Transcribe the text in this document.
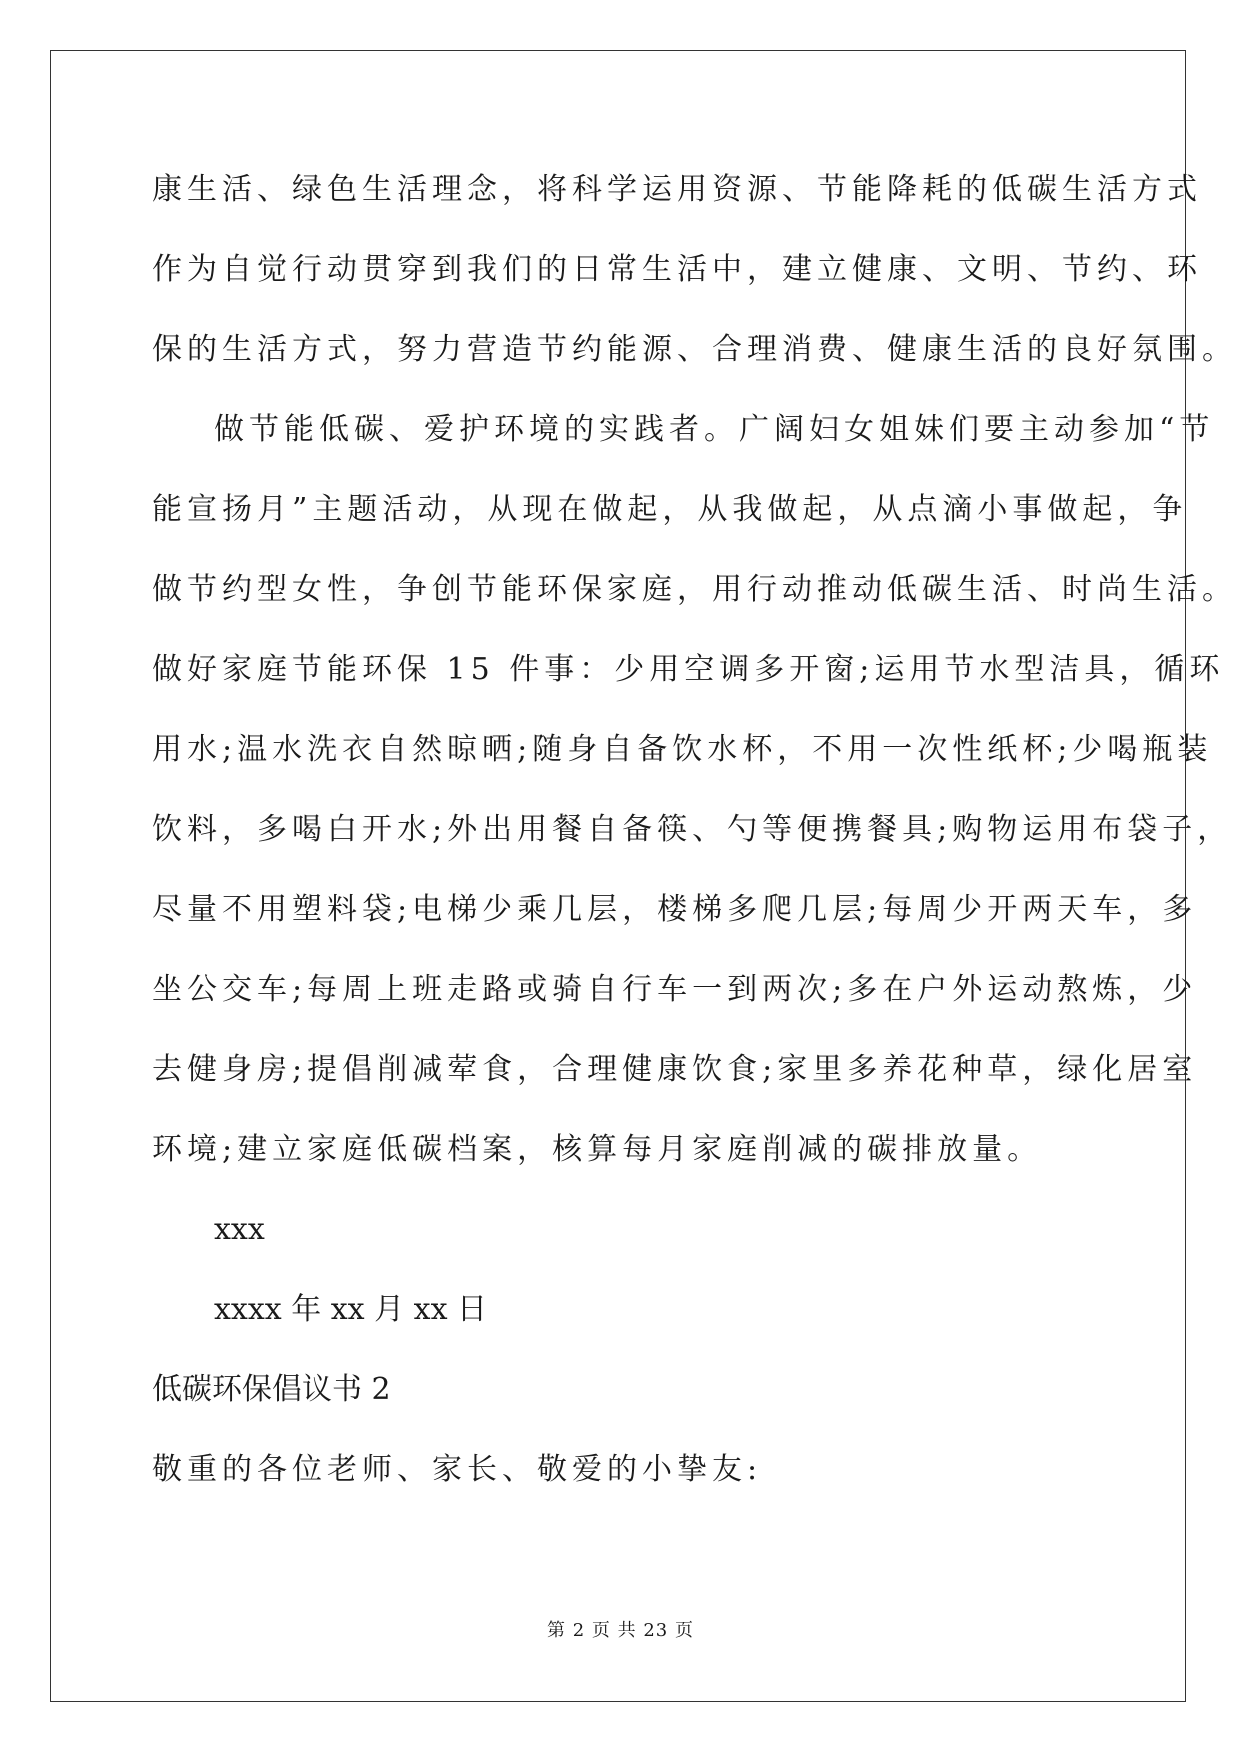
康生活、绿色生活理念，将科学运用资源、节能降耗的低碳生活方式
作为自觉行动贯穿到我们的日常生活中，建立健康、文明、节约、环
保的生活方式，努力营造节约能源、合理消费、健康生活的良好氛围。
做节能低碳、爱护环境的实践者。广阔妇女姐妹们要主动参加“节
能宣扬月”主题活动，从现在做起，从我做起，从点滴小事做起，争
做节约型女性，争创节能环保家庭，用行动推动低碳生活、时尚生活。
做好家庭节能环保 15 件事：少用空调多开窗;运用节水型洁具，循环
用水;温水洗衣自然晾晒;随身自备饮水杯，不用一次性纸杯;少喝瓶装
饮料，多喝白开水;外出用餐自备筷、勺等便携餐具;购物运用布袋子，
尽量不用塑料袋;电梯少乘几层，楼梯多爬几层;每周少开两天车，多
坐公交车;每周上班走路或骑自行车一到两次;多在户外运动熬炼，少
去健身房;提倡削减荤食，合理健康饮食;家里多养花种草，绿化居室
环境;建立家庭低碳档案，核算每月家庭削减的碳排放量。
xxx
xxxx 年 xx 月 xx 日
低碳环保倡议书 2
敬重的各位老师、家长、敬爱的小挚友:
第 2 页 共 23 页
